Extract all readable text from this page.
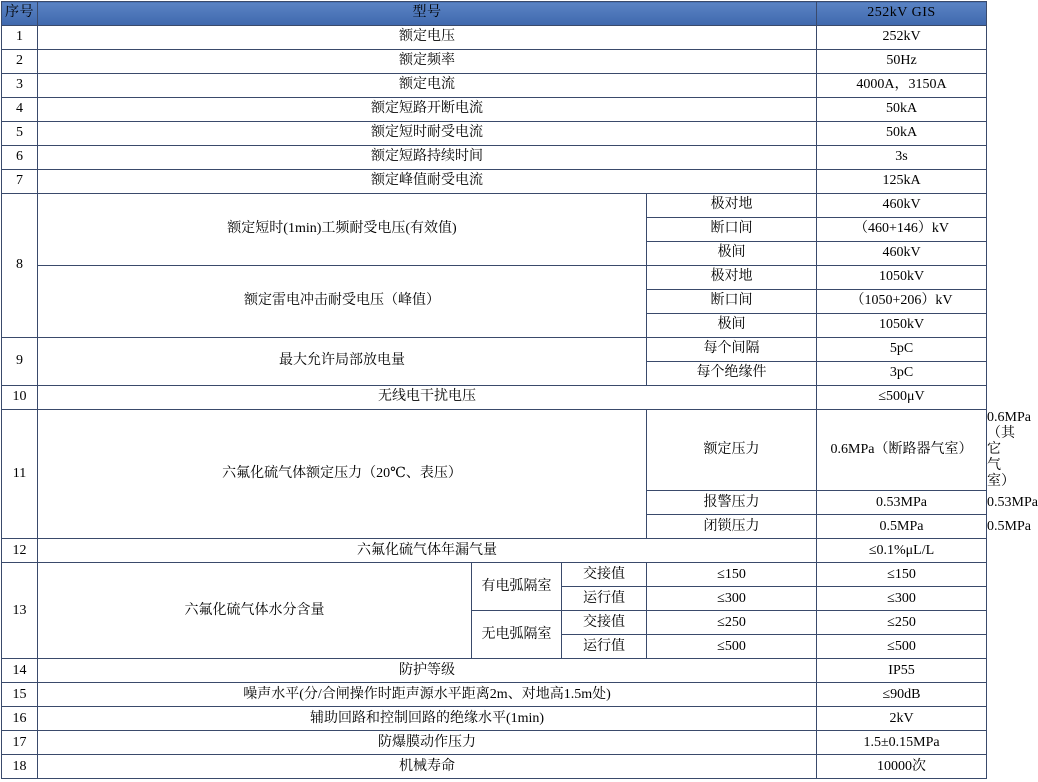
序号	型号		252kV GIS
1	额定电压		252kV
2	额定频率		50Hz
3	额定电流		4000A，3150A
4	额定短路开断电流		50kA
5	额定短时耐受电流		50kA
6	额定短路持续时间		3s
7	额定峰值耐受电流		125kA
8	额定短时(1min)工频耐受电压(有效值)	极对地	460kV
		断口间	（460+146）kV
		极间	460kV
	额定雷电冲击耐受电压（峰值）	极对地	1050kV
		断口间	（1050+206）kV
		极间	1050kV
9	最大允许局部放电量	每个间隔	5pC
		每个绝缘件	3pC
10	无线电干扰电压		≤500μV
11	六氟化硫气体额定压力（20℃、表压）			额定压力	0.6MPa（断路器气室）	0.6MPa（其它气室）
				报警压力	0.53MPa	0.53MPa
				闭锁压力	0.5MPa	0.5MPa
12	六氟化硫气体年漏气量				≤0.1%μL/L	
13	六氟化硫气体水分含量	有电弧隔室	交接值	≤150	≤150	
			运行值	≤300	≤300	
		无电弧隔室	交接值	≤250	≤250	
			运行值	≤500	≤500	
14	防护等级				IP55	
15	噪声水平(分/合闸操作时距声源水平距离2m、对地高1.5m处)				≤90dB	
16	辅助回路和控制回路的绝缘水平(1min)				2kV	
17	防爆膜动作压力				1.5±0.15MPa	
18	机械寿命				10000次	
